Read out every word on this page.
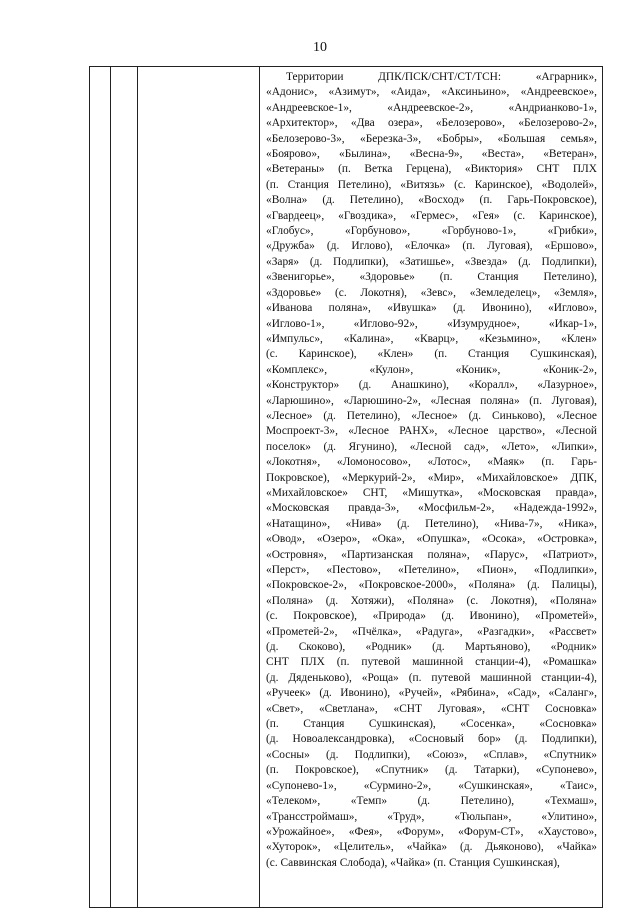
10
Территории ДПК/ПСК/СНТ/СТ/ТСН: «Аграрник»,
«Адонис», «Азимут», «Аида», «Аксиньино», «Андреевское»,
«Андреевское-1», «Андреевское-2», «Андрианково-1»,
«Архитектор», «Два озера», «Белозерово», «Белозерово-2»,
«Белозерово-3», «Березка-3», «Бобры», «Большая семья»,
«Боярово», «Былина», «Весна-9», «Веста», «Ветеран»,
«Ветераны» (п. Ветка Герцена), «Виктория» СНТ ПЛХ
(п. Станция Петелино), «Витязь» (с. Каринское), «Водолей»,
«Волна» (д. Петелино), «Восход» (п. Гарь-Покровское),
«Гвардеец», «Гвоздика», «Гермес», «Гея» (с. Каринское),
«Глобус», «Горбуново», «Горбуново-1», «Грибки»,
«Дружба» (д. Иглово), «Елочка» (п. Луговая), «Ершово»,
«Заря» (д. Подлипки), «Затишье», «Звезда» (д. Подлипки),
«Звенигорье», «Здоровье» (п. Станция Петелино),
«Здоровье» (с. Локотня), «Зевс», «Земледелец», «Земля»,
«Иванова поляна», «Ивушка» (д. Ивонино), «Иглово»,
«Иглово-1», «Иглово-92», «Изумрудное», «Икар-1»,
«Импульс», «Калина», «Кварц», «Кезьмино», «Клен»
(с. Каринское), «Клен» (п. Станция Сушкинская),
«Комплекс», «Кулон», «Коник», «Коник-2»,
«Конструктор» (д. Анашкино), «Коралл», «Лазурное»,
«Ларюшино», «Ларюшино-2», «Лесная поляна» (п. Луговая),
«Лесное» (д. Петелино), «Лесное» (д. Синьково), «Лесное
Моспроект-3», «Лесное РАНХ», «Лесное царство», «Лесной
поселок» (д. Ягунино), «Лесной сад», «Лето», «Липки»,
«Локотня», «Ломоносово», «Лотос», «Маяк» (п. Гарь-
Покровское), «Меркурий-2», «Мир», «Михайловское» ДПК,
«Михайловское» СНТ, «Мишутка», «Московская правда»,
«Московская правда-3», «Мосфильм-2», «Надежда-1992»,
«Натащино», «Нива» (д. Петелино), «Нива-7», «Ника»,
«Овод», «Озеро», «Ока», «Опушка», «Осока», «Островка»,
«Островня», «Партизанская поляна», «Парус», «Патриот»,
«Перст», «Пестово», «Петелино», «Пион», «Подлипки»,
«Покровское-2», «Покровское-2000», «Поляна» (д. Палицы),
«Поляна» (д. Хотяжи), «Поляна» (с. Локотня), «Поляна»
(с. Покровское), «Природа» (д. Ивонино), «Прометей»,
«Прометей-2», «Пчёлка», «Радуга», «Разгадки», «Рассвет»
(д. Скоково), «Родник» (д. Мартьяново), «Родник»
СНТ ПЛХ (п. путевой машинной станции-4), «Ромашка»
(д. Дяденьково), «Роща» (п. путевой машинной станции-4),
«Ручеек» (д. Ивонино), «Ручей», «Рябина», «Сад», «Саланг»,
«Свет», «Светлана», «СНТ Луговая», «СНТ Сосновка»
(п. Станция Сушкинская), «Сосенка», «Сосновка»
(д. Новоалександровка), «Сосновый бор» (д. Подлипки),
«Сосны» (д. Подлипки), «Союз», «Сплав», «Спутник»
(п. Покровское), «Спутник» (д. Татарки), «Супонево»,
«Супонево-1», «Сурмино-2», «Сушкинская», «Таис»,
«Телеком», «Темп» (д. Петелино), «Техмаш»,
«Трансстроймаш», «Труд», «Тюльпан», «Улитино»,
«Урожайное», «Фея», «Форум», «Форум-СТ», «Хаустово»,
«Хуторок», «Целитель», «Чайка» (д. Дьяконово), «Чайка»
(с. Саввинская Слобода), «Чайка» (п. Станция Сушкинская),
